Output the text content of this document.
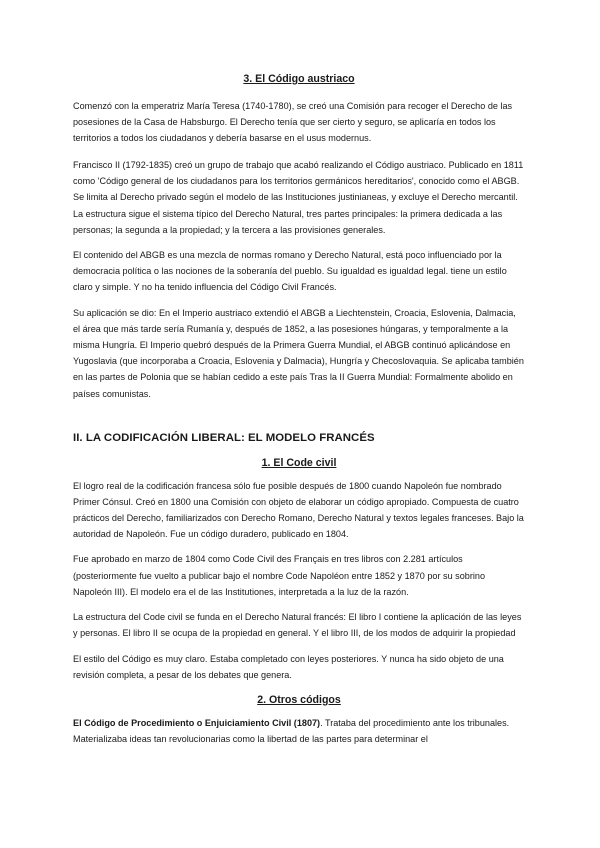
3. El Código austriaco

Comenzó con la emperatriz María Teresa (1740-1780), se creó una Comisión para recoger el Derecho de las posesiones de la Casa de Habsburgo. El Derecho tenía que ser cierto y seguro, se aplicaría en todos los territorios a todos los ciudadanos y debería basarse en el usus modernus.

Francisco II (1792-1835) creó un grupo de trabajo que acabó realizando el Código austriaco. Publicado en 1811 como 'Código general de los ciudadanos para los territorios germánicos hereditarios', conocido como el ABGB. Se limita al Derecho privado según el modelo de las Instituciones justinianeas, y excluye el Derecho mercantil. La estructura sigue el sistema típico del Derecho Natural, tres partes principales: la primera dedicada a las personas; la segunda a la propiedad; y la tercera a las provisiones generales.

El contenido del ABGB es una mezcla de normas romano y Derecho Natural, está poco influenciado por la democracia política o las nociones de la soberanía del pueblo. Su igualdad es igualdad legal. tiene un estilo claro y simple. Y no ha tenido influencia del Código Civil Francés.

Su aplicación se dio: En el Imperio austriaco extendió el ABGB a Liechtenstein, Croacia, Eslovenia, Dalmacia, el área que más tarde sería Rumanía y, después de 1852, a las posesiones húngaras, y temporalmente a la misma Hungría. El Imperio quebró después de la Primera Guerra Mundial, el ABGB continuó aplicándose en Yugoslavia (que incorporaba a Croacia, Eslovenia y Dalmacia), Hungría y Checoslovaquia. Se aplicaba también en las partes de Polonia que se habían cedido a este país Tras la II Guerra Mundial: Formalmente abolido en países comunistas.

II. LA CODIFICACIÓN LIBERAL: EL MODELO FRANCÉS
1. El Code civil

El logro real de la codificación francesa sólo fue posible después de 1800 cuando Napoleón fue nombrado Primer Cónsul. Creó en 1800 una Comisión con objeto de elaborar un código apropiado. Compuesta de cuatro prácticos del Derecho, familiarizados con Derecho Romano, Derecho Natural y textos legales franceses. Bajo la autoridad de Napoleón. Fue un código duradero, publicado en 1804.

Fue aprobado en marzo de 1804 como Code Civil des Français en tres libros con 2.281 artículos (posteriormente fue vuelto a publicar bajo el nombre Code Napoléon entre 1852 y 1870 por su sobrino Napoleón III). El modelo era el de las Institutiones, interpretada a la luz de la razón.

La estructura del Code civil se funda en el Derecho Natural francés: El libro I contiene la aplicación de las leyes y personas. El libro II se ocupa de la propiedad en general. Y el libro III, de los modos de adquirir la propiedad

El estilo del Código es muy claro. Estaba completado con leyes posteriores. Y nunca ha sido objeto de una revisión completa, a pesar de los debates que genera.

2. Otros códigos

El Código de Procedimiento o Enjuiciamiento Civil (1807). Trataba del procedimiento ante los tribunales. Materializaba ideas tan revolucionarias como la libertad de las partes para determinar el
